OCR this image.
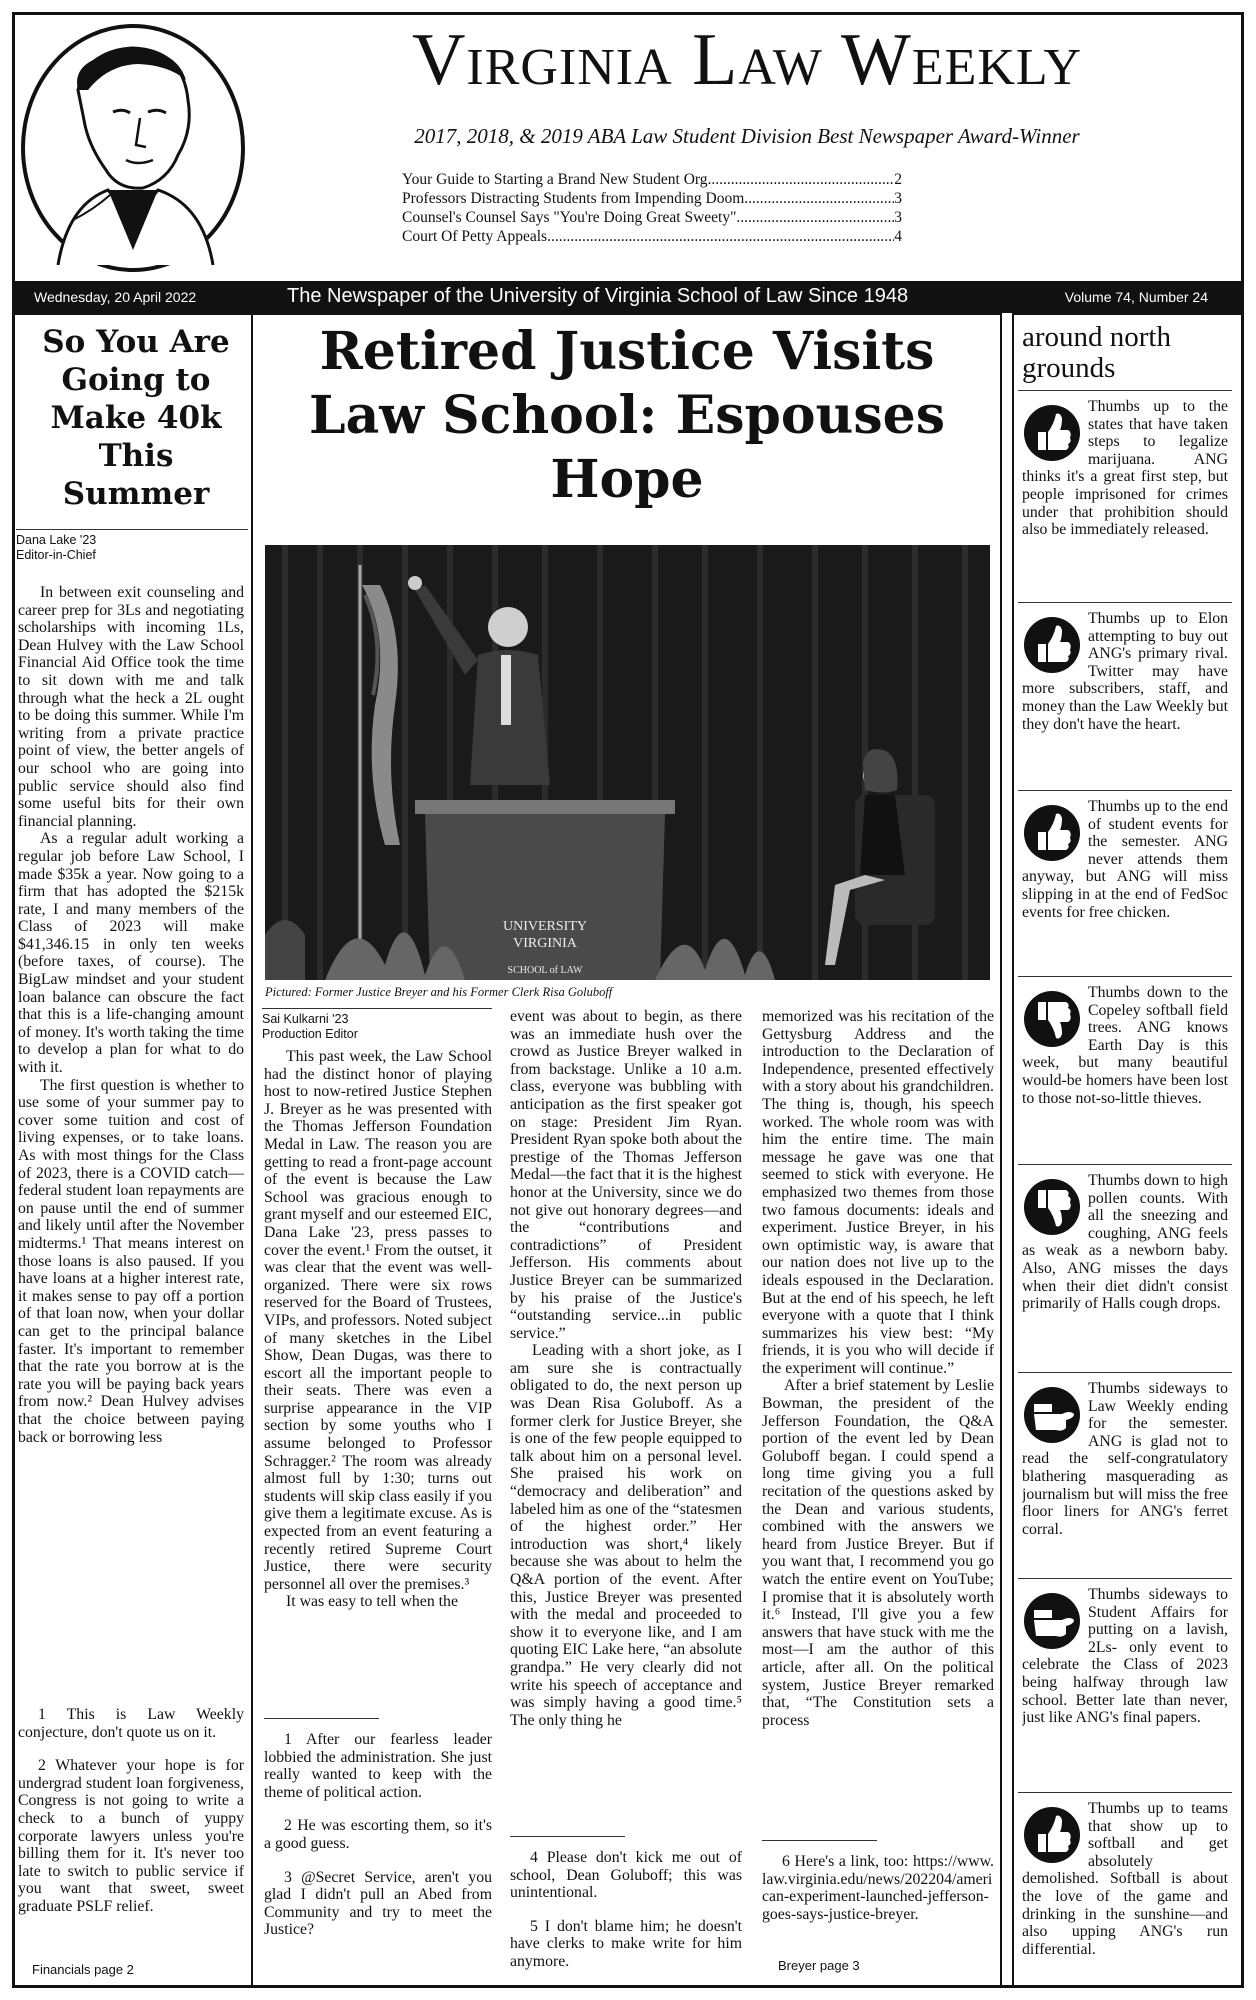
Virginia Law Weekly
2017, 2018, & 2019 ABA Law Student Division Best Newspaper Award-Winner
Your Guide to Starting a Brand New Student Org .....	2
Professors Distracting Students from Impending Doom .....	3
Counsel's Counsel Says "You're Doing Great Sweety" .....	3
Court Of Petty Appeals .....	4
Wednesday, 20 April 2022	The Newspaper of the University of Virginia School of Law Since 1948	Volume 74, Number 24
So You Are Going to Make 40k This Summer
Dana Lake '23
Editor-in-Chief

In between exit counseling and career prep for 3Ls and negotiating scholarships with incoming 1Ls, Dean Hulvey with the Law School Financial Aid Office took the time to sit down with me and talk through what the heck a 2L ought to be doing this summer. While I'm writing from a private practice point of view, the better angels of our school who are going into public service should also find some useful bits for their own financial planning.

As a regular adult working a regular job before Law School, I made $35k a year. Now going to a firm that has adopted the $215k rate, I and many members of the Class of 2023 will make $41,346.15 in only ten weeks (before taxes, of course). The BigLaw mindset and your student loan balance can obscure the fact that this is a life-changing amount of money. It's worth taking the time to develop a plan for what to do with it.

The first question is whether to use some of your summer pay to cover some tuition and cost of living expenses, or to take loans. As with most things for the Class of 2023, there is a COVID catch—federal student loan repayments are on pause until the end of summer and likely until after the November midterms.¹ That means interest on those loans is also paused. If you have loans at a higher interest rate, it makes sense to pay off a portion of that loan now, when your dollar can get to the principal balance faster. It's important to remember that the rate you borrow at is the rate you will be paying back years from now.² Dean Hulvey advises that the choice between paying back or borrowing less

1 This is Law Weekly conjecture, don't quote us on it.

2 Whatever your hope is for undergrad student loan forgiveness, Congress is not going to write a check to a bunch of yuppy corporate lawyers unless you're billing them for it. It's never too late to switch to public service if you want that sweet, sweet graduate PSLF relief.

Financials page 2
Retired Justice Visits Law School: Espouses Hope
UNIVERSITY
VIRGINIA
SCHOOL of LAW
Pictured: Former Justice Breyer and his Former Clerk Risa Goluboff
Sai Kulkarni '23
Production Editor

This past week, the Law School had the distinct honor of playing host to now-retired Justice Stephen J. Breyer as he was presented with the Thomas Jefferson Foundation Medal in Law. The reason you are getting to read a front-page account of the event is because the Law School was gracious enough to grant myself and our esteemed EIC, Dana Lake '23, press passes to cover the event.¹ From the outset, it was clear that the event was well-organized. There were six rows reserved for the Board of Trustees, VIPs, and professors. Noted subject of many sketches in the Libel Show, Dean Dugas, was there to escort all the important people to their seats. There was even a surprise appearance in the VIP section by some youths who I assume belonged to Professor Schragger.² The room was already almost full by 1:30; turns out students will skip class easily if you give them a legitimate excuse. As is expected from an event featuring a recently retired Supreme Court Justice, there were security personnel all over the premises.³

It was easy to tell when the

1 After our fearless leader lobbied the administration. She just really wanted to keep with the theme of political action.

2 He was escorting them, so it's a good guess.

3 @Secret Service, aren't you glad I didn't pull an Abed from Community and try to meet the Justice?

event was about to begin, as there was an immediate hush over the crowd as Justice Breyer walked in from backstage. Unlike a 10 a.m. class, everyone was bubbling with anticipation as the first speaker got on stage: President Jim Ryan. President Ryan spoke both about the prestige of the Thomas Jefferson Medal—the fact that it is the highest honor at the University, since we do not give out honorary degrees—and the “contributions and contradictions” of President Jefferson. His comments about Justice Breyer can be summarized by his praise of the Justice's “outstanding service...in public service.”

Leading with a short joke, as I am sure she is contractually obligated to do, the next person up was Dean Risa Goluboff. As a former clerk for Justice Breyer, she is one of the few people equipped to talk about him on a personal level. She praised his work on “democracy and deliberation” and labeled him as one of the “statesmen of the highest order.” Her introduction was short,⁴ likely because she was about to helm the Q&A portion of the event. After this, Justice Breyer was presented with the medal and proceeded to show it to everyone like, and I am quoting EIC Lake here, “an absolute grandpa.” He very clearly did not write his speech of acceptance and was simply having a good time.⁵ The only thing he

4 Please don't kick me out of school, Dean Goluboff; this was unintentional.

5 I don't blame him; he doesn't have clerks to make write for him anymore.

memorized was his recitation of the Gettysburg Address and the introduction to the Declaration of Independence, presented effectively with a story about his grandchildren. The thing is, though, his speech worked. The whole room was with him the entire time. The main message he gave was one that seemed to stick with everyone. He emphasized two themes from those two famous documents: ideals and experiment. Justice Breyer, in his own optimistic way, is aware that our nation does not live up to the ideals espoused in the Declaration. But at the end of his speech, he left everyone with a quote that I think summarizes his view best: “My friends, it is you who will decide if the experiment will continue.”

After a brief statement by Leslie Bowman, the president of the Jefferson Foundation, the Q&A portion of the event led by Dean Goluboff began. I could spend a long time giving you a full recitation of the questions asked by the Dean and various students, combined with the answers we heard from Justice Breyer. But if you want that, I recommend you go watch the entire event on YouTube; I promise that it is absolutely worth it.⁶ Instead, I'll give you a few answers that have stuck with me the most—I am the author of this article, after all. On the political system, Justice Breyer remarked that, “The Constitution sets a process

6 Here's a link, too: https://www.law.virginia.edu/news/202204/american-experiment-launched-jefferson-goes-says-justice-breyer.

Breyer page 3
around north grounds
Thumbs up to the states that have taken steps to legalize marijuana. ANG thinks it's a great first step, but people imprisoned for crimes under that prohibition should also be immediately released.
Thumbs up to Elon attempting to buy out ANG's primary rival. Twitter may have more subscribers, staff, and money than the Law Weekly but they don't have the heart.
Thumbs up to the end of student events for the semester. ANG never attends them anyway, but ANG will miss slipping in at the end of FedSoc events for free chicken.
Thumbs down to the Copeley softball field trees. ANG knows Earth Day is this week, but many beautiful would-be homers have been lost to those not-so-little thieves.
Thumbs down to high pollen counts. With all the sneezing and coughing, ANG feels as weak as a newborn baby. Also, ANG misses the days when their diet didn't consist primarily of Halls cough drops.
Thumbs sideways to Law Weekly ending for the semester. ANG is glad not to read the self-congratulatory blathering masquerading as journalism but will miss the free floor liners for ANG's ferret corral.
Thumbs sideways to Student Affairs for putting on a lavish, 2Ls- only event to celebrate the Class of 2023 being halfway through law school. Better late than never, just like ANG's final papers.
Thumbs up to teams that show up to softball and get absolutely demolished. Softball is about the love of the game and drinking in the sunshine—and also upping ANG's run differential.
